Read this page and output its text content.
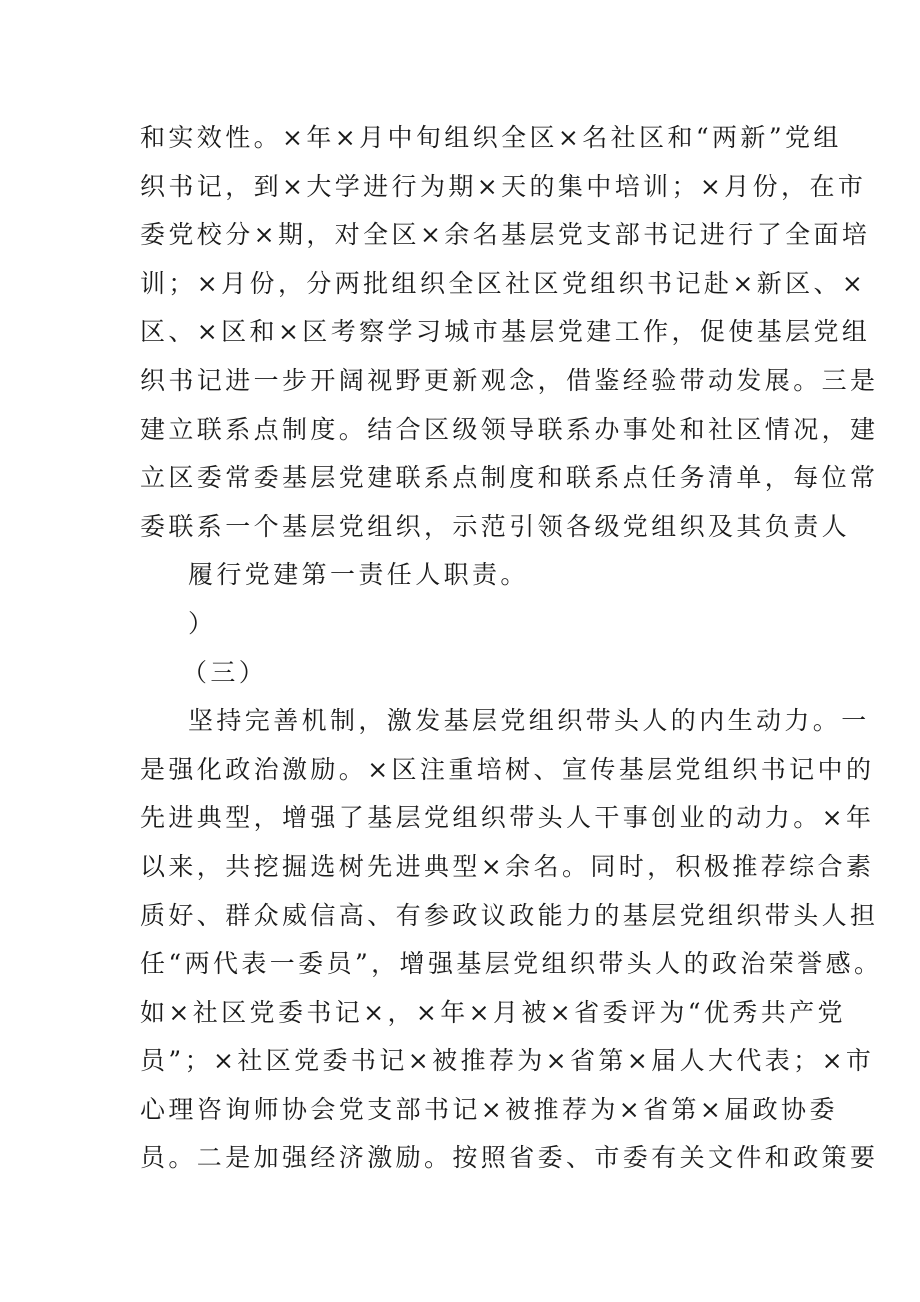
和实效性。×年×月中旬组织全区×名社区和“两新”党组
织书记，到×大学进行为期×天的集中培训；×月份，在市
委党校分×期，对全区×余名基层党支部书记进行了全面培
训；×月份，分两批组织全区社区党组织书记赴×新区、×
区、×区和×区考察学习城市基层党建工作，促使基层党组
织书记进一步开阔视野更新观念，借鉴经验带动发展。三是
建立联系点制度。结合区级领导联系办事处和社区情况，建
立区委常委基层党建联系点制度和联系点任务清单，每位常
委联系一个基层党组织，示范引领各级党组织及其负责人
履行党建第一责任人职责。
）
（三）
坚持完善机制，激发基层党组织带头人的内生动力。一
是强化政治激励。×区注重培树、宣传基层党组织书记中的
先进典型，增强了基层党组织带头人干事创业的动力。×年
以来，共挖掘选树先进典型×余名。同时，积极推荐综合素
质好、群众威信高、有参政议政能力的基层党组织带头人担
任“两代表一委员”，增强基层党组织带头人的政治荣誉感。
如×社区党委书记×，×年×月被×省委评为“优秀共产党
员”；×社区党委书记×被推荐为×省第×届人大代表；×市
心理咨询师协会党支部书记×被推荐为×省第×届政协委
员。二是加强经济激励。按照省委、市委有关文件和政策要
